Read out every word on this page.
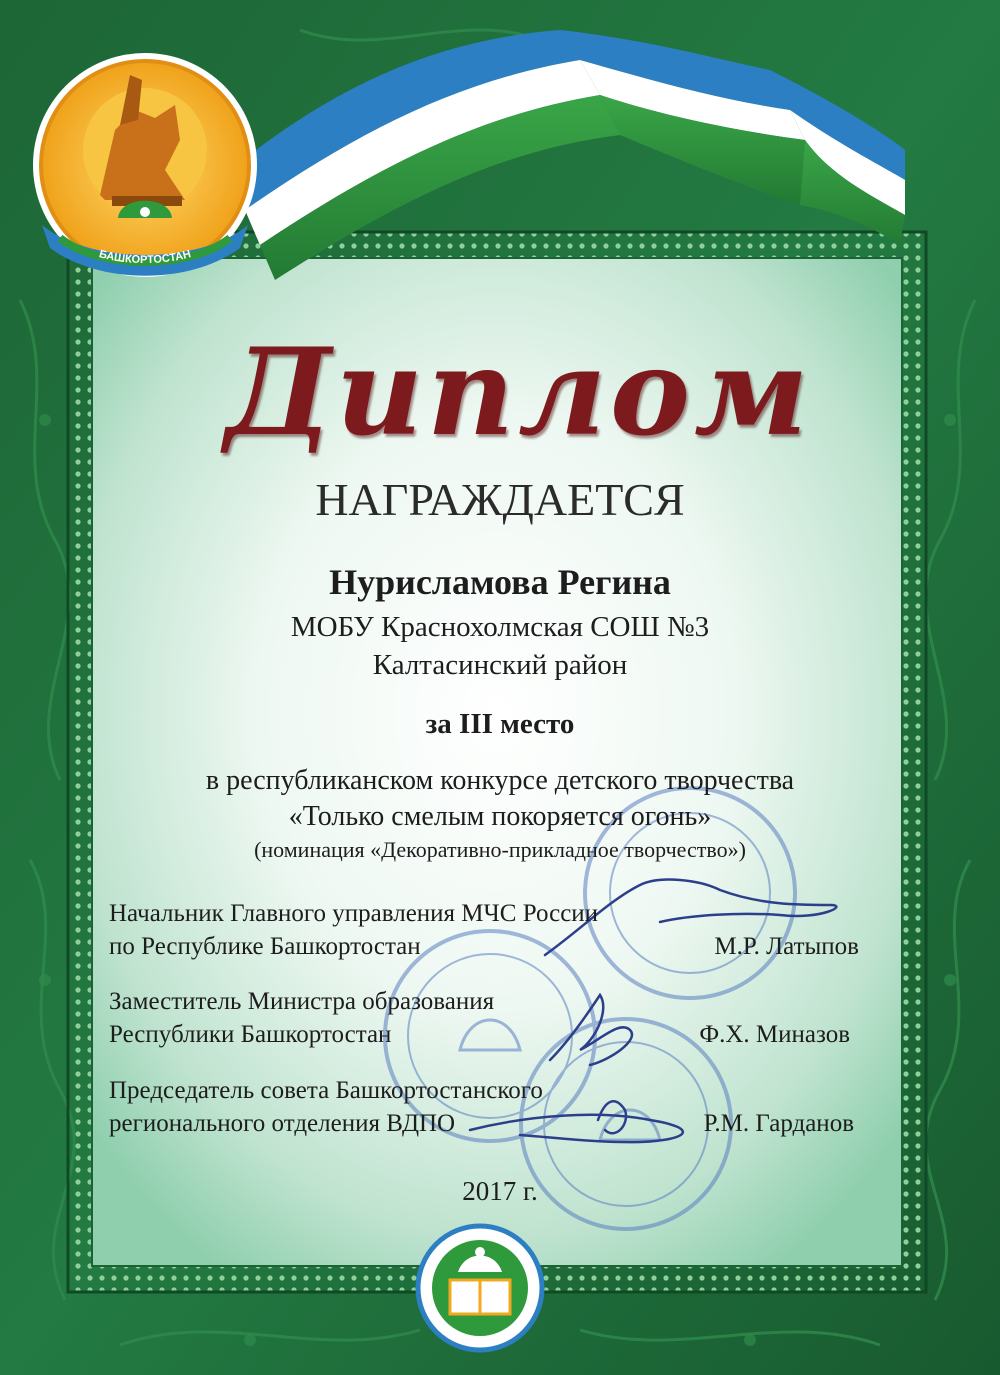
БАШКОРТОСТАН
Диплом
НАГРАЖДАЕТСЯ
Нурисламова Регина
МОБУ Краснохолмская СОШ №3
Калтасинский район
за III место
в республиканском конкурсе детского творчества
«Только смелым покоряется огонь»
(номинация «Декоративно-прикладное творчество»)
Начальник Главного управления МЧС России
по Республике Башкортостан	М.Р. Латыпов
Заместитель Министра образования
Республики Башкортостан	Ф.Х. Миназов
Председатель совета Башкортостанского
регионального отделения ВДПО	Р.М. Гарданов
2017 г.
